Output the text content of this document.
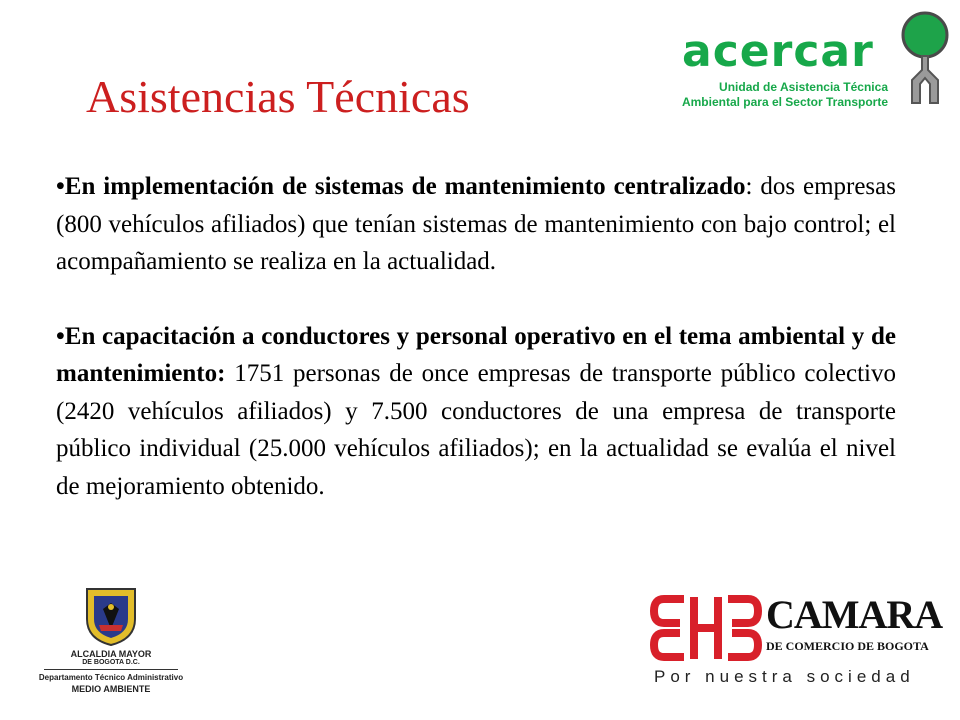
Asistencias Técnicas
acercar
Unidad de Asistencia Técnica
Ambiental para el Sector Transporte

•En implementación de sistemas de mantenimiento centralizado: dos empresas (800 vehículos afiliados) que tenían sistemas de mantenimiento con bajo control; el acompañamiento se realiza en la actualidad.

•En capacitación a conductores y personal operativo en el tema ambiental y de mantenimiento: 1751 personas de once empresas de transporte público colectivo (2420 vehículos afiliados) y 7.500 conductores de una empresa de transporte público individual (25.000 vehículos afiliados); en la actualidad se evalúa el nivel de mejoramiento obtenido.

ALCALDIA MAYOR
DE BOGOTA D.C.
Departamento Técnico Administrativo
MEDIO AMBIENTE
CAMARA
DE COMERCIO DE BOGOTA
Por nuestra sociedad
